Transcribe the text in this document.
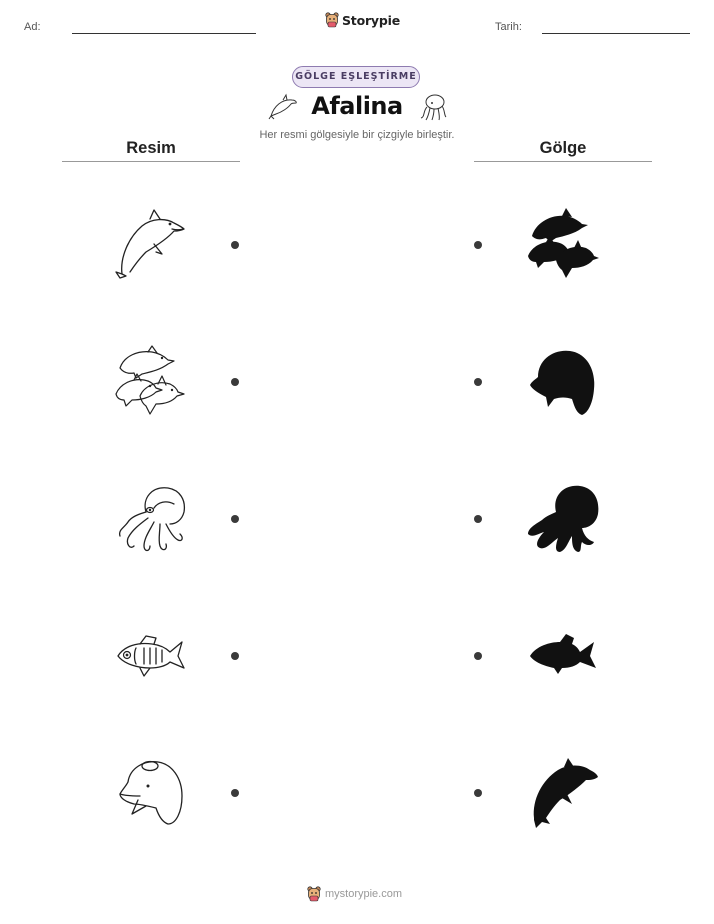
Ad:	Tarih:
Storypie
GÖLGE EŞLEŞTİRME
Afalina
Her resmi gölgesiyle bir çizgiyle birleştir.
Resim	Gölge
mystorypie.com
